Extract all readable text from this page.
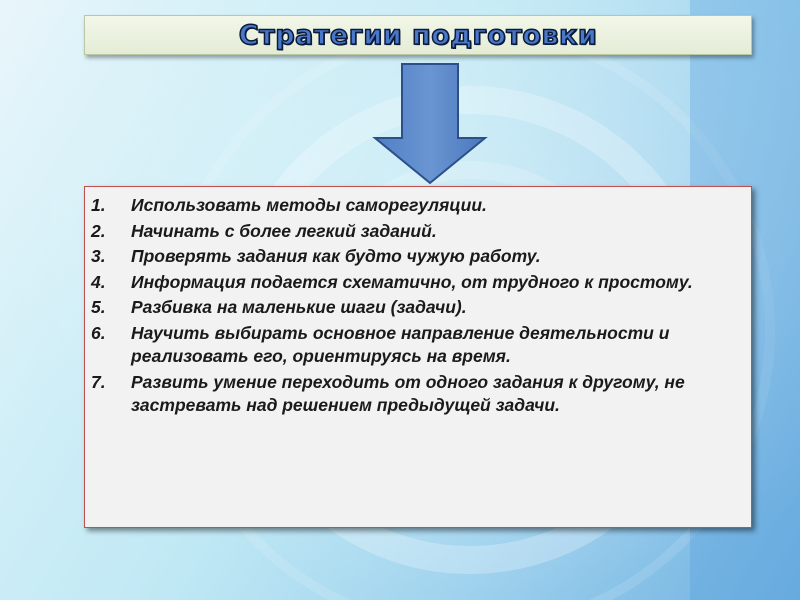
Стратегии подготовки
1.	Использовать методы саморегуляции.
2.	Начинать с более легкий заданий.
3.	Проверять задания как будто чужую работу.
4.	Информация подается схематично, от трудного к простому.
5.	Разбивка на маленькие шаги (задачи).
6.	Научить выбирать основное направление деятельности и реализовать его, ориентируясь на время.
7.	Развить умение переходить от одного задания к другому, не застревать над решением предыдущей задачи.
